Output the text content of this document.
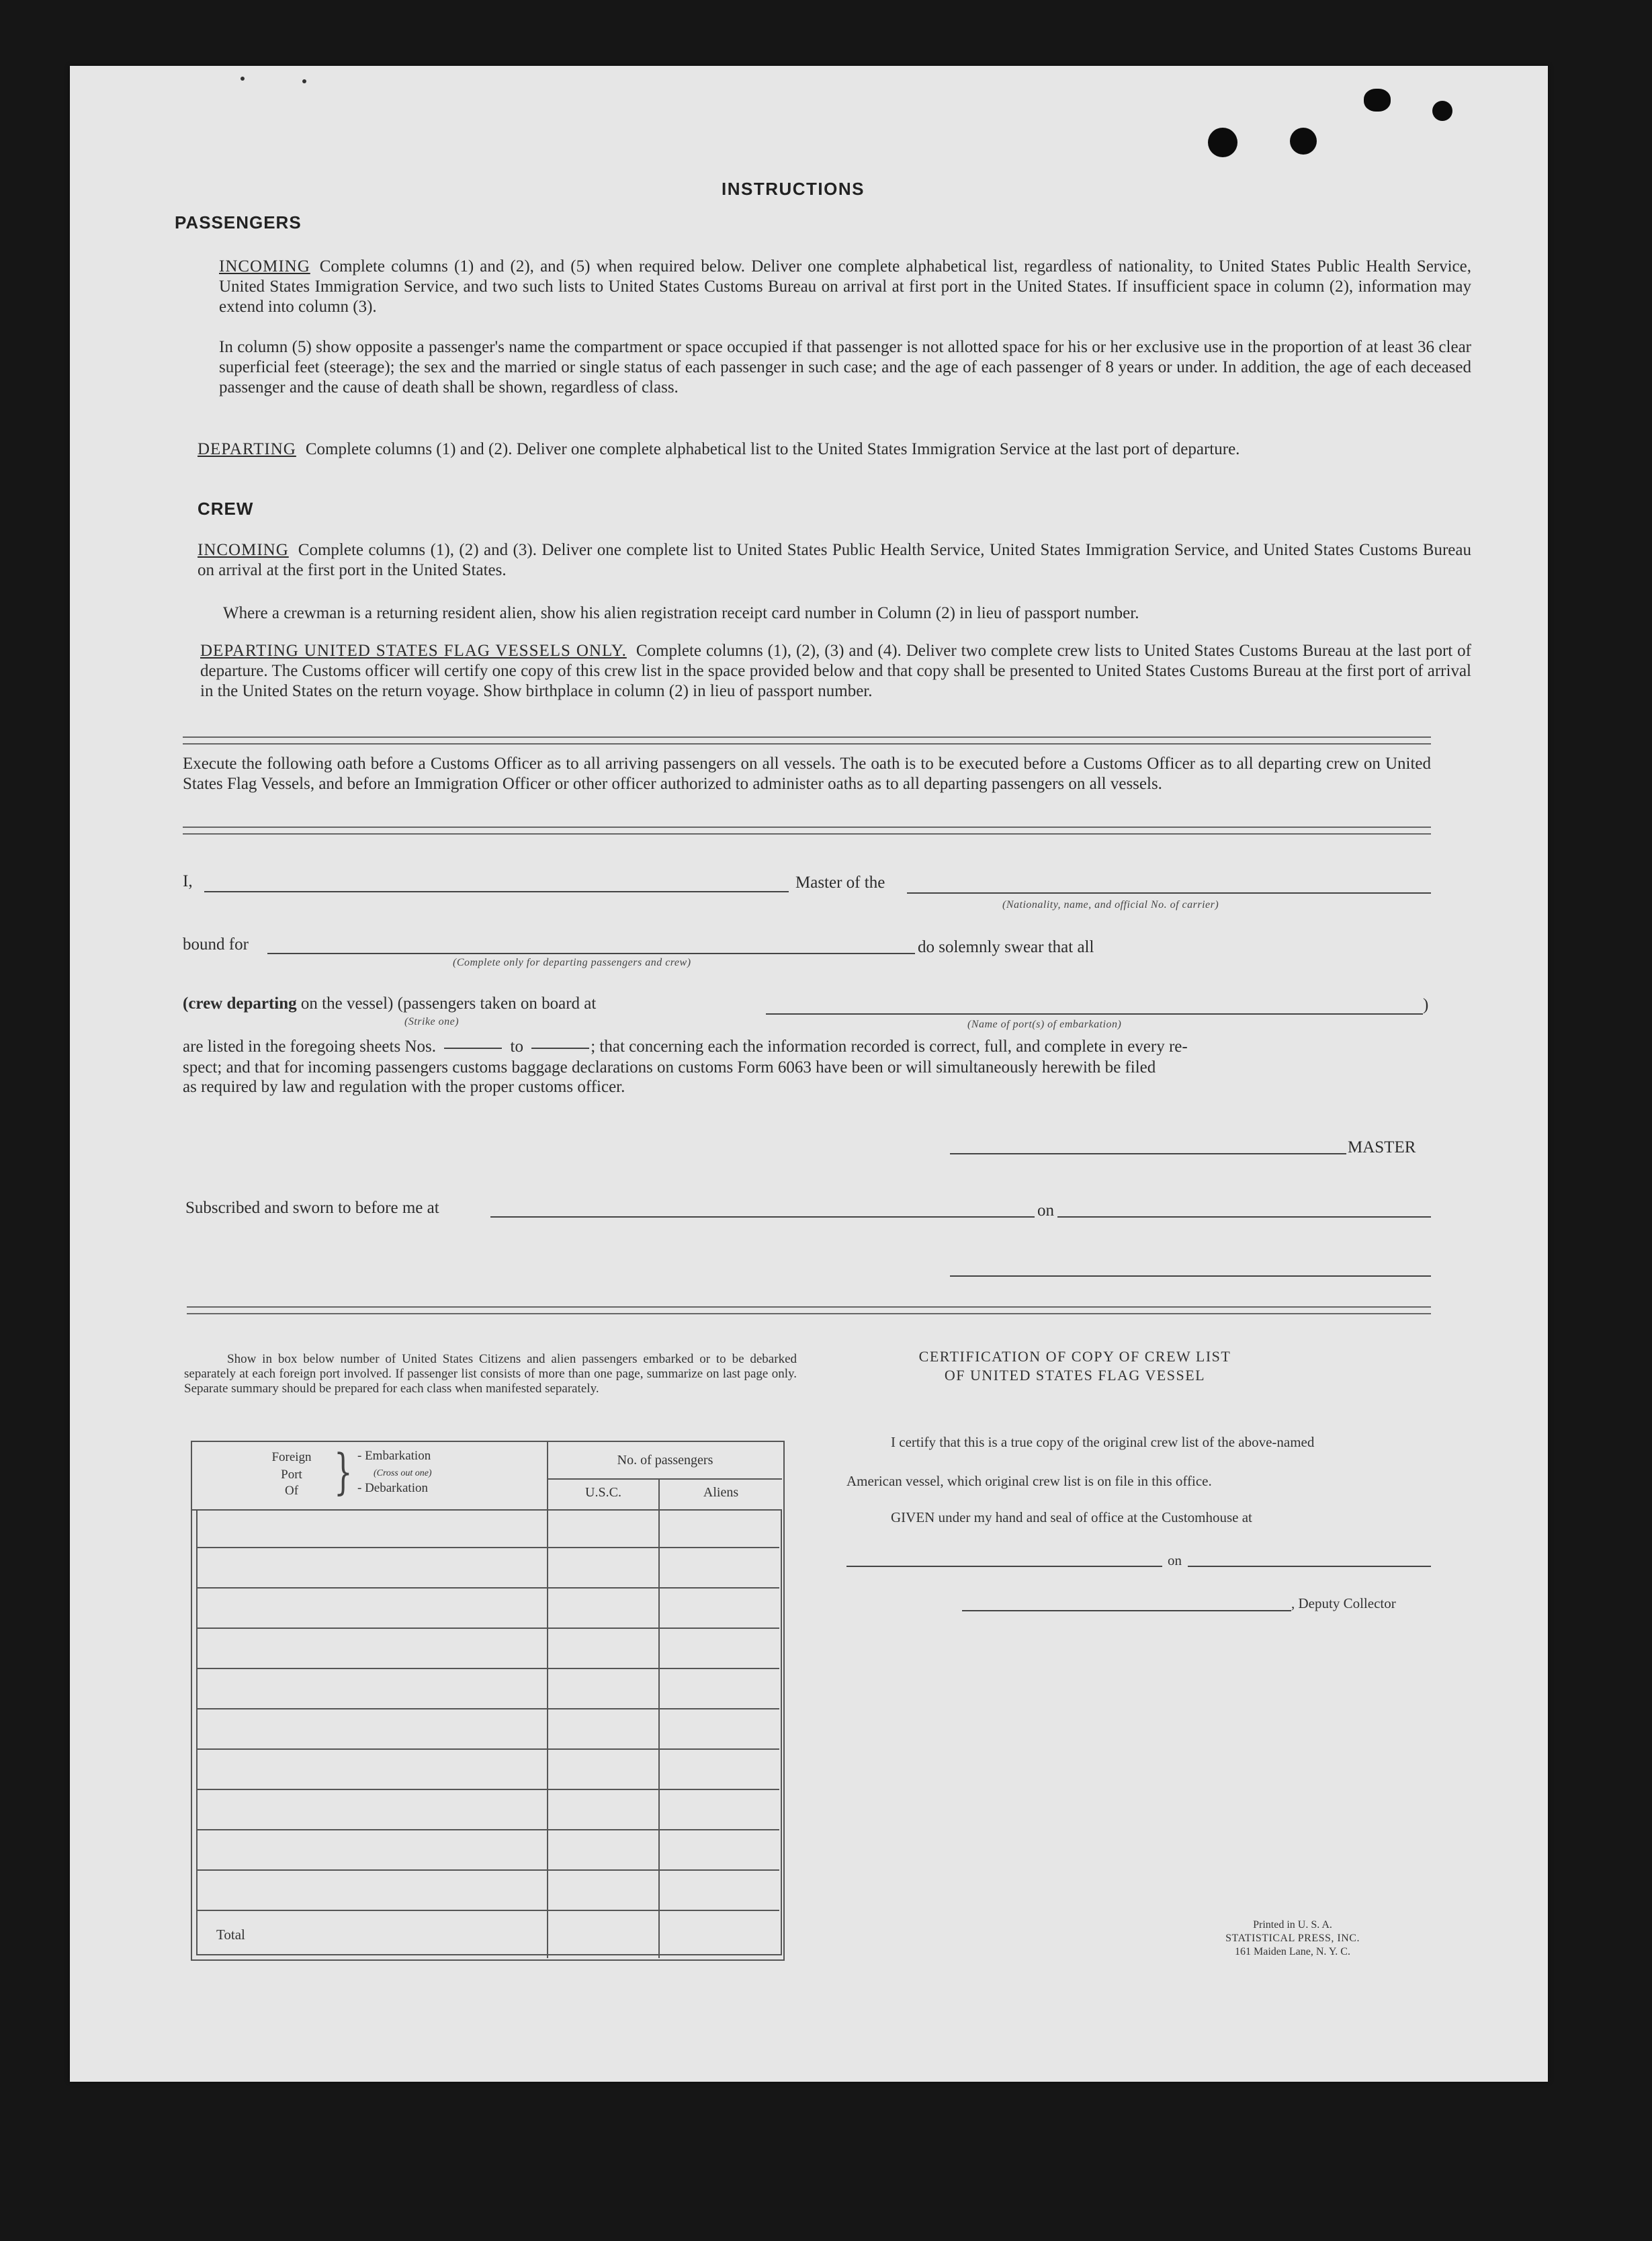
INSTRUCTIONS
PASSENGERS
INCOMING Complete columns (1) and (2), and (5) when required below. Deliver one complete alphabetical list, regardless of nationality, to United States Public Health Service, United States Immigration Service, and two such lists to United States Customs Bureau on arrival at first port in the United States. If insufficient space in column (2), information may extend into column (3).
In column (5) show opposite a passenger's name the compartment or space occupied if that passenger is not allotted space for his or her exclusive use in the proportion of at least 36 clear superficial feet (steerage); the sex and the married or single status of each passenger in such case; and the age of each passenger of 8 years or under. In addition, the age of each deceased passenger and the cause of death shall be shown, regardless of class.
DEPARTING Complete columns (1) and (2). Deliver one complete alphabetical list to the United States Immigration Service at the last port of departure.
CREW
INCOMING Complete columns (1), (2) and (3). Deliver one complete list to United States Public Health Service, United States Immigration Service, and United States Customs Bureau on arrival at the first port in the United States.
Where a crewman is a returning resident alien, show his alien registration receipt card number in Column (2) in lieu of passport number.
DEPARTING UNITED STATES FLAG VESSELS ONLY. Complete columns (1), (2), (3) and (4). Deliver two complete crew lists to United States Customs Bureau at the last port of departure. The Customs officer will certify one copy of this crew list in the space provided below and that copy shall be presented to United States Customs Bureau at the first port of arrival in the United States on the return voyage. Show birthplace in column (2) in lieu of passport number.
Execute the following oath before a Customs Officer as to all arriving passengers on all vessels. The oath is to be executed before a Customs Officer as to all departing crew on United States Flag Vessels, and before an Immigration Officer or other officer authorized to administer oaths as to all departing passengers on all vessels.
I,	Master of the
(Nationality, name, and official No. of carrier)
bound for	do solemnly swear that all
(Complete only for departing passengers and crew)
(crew departing on the vessel) (passengers taken on board at	)
(Strike one)	(Name of port(s) of embarkation)
are listed in the foregoing sheets Nos.	to	; that concerning each the information recorded is correct, full, and complete in every re-
spect; and that for incoming passengers customs baggage declarations on customs Form 6063 have been or will simultaneously herewith be filed
as required by law and regulation with the proper customs officer.
MASTER
Subscribed and sworn to before me at	on
Show in box below number of United States Citizens and alien passengers embarked or to be debarked separately at each foreign port involved. If passenger list consists of more than one page, summarize on last page only. Separate summary should be prepared for each class when manifested separately.
Foreign
Port
Of } - Embarkation
(Cross out one)
- Debarkation
No. of passengers
U.S.C.	Aliens
Total
CERTIFICATION OF COPY OF CREW LIST
OF UNITED STATES FLAG VESSEL
I certify that this is a true copy of the original crew list of the above-named
American vessel, which original crew list is on file in this office.
GIVEN under my hand and seal of office at the Customhouse at
on
, Deputy Collector
Printed in U. S. A.
STATISTICAL PRESS, INC.
161 Maiden Lane, N. Y. C.
